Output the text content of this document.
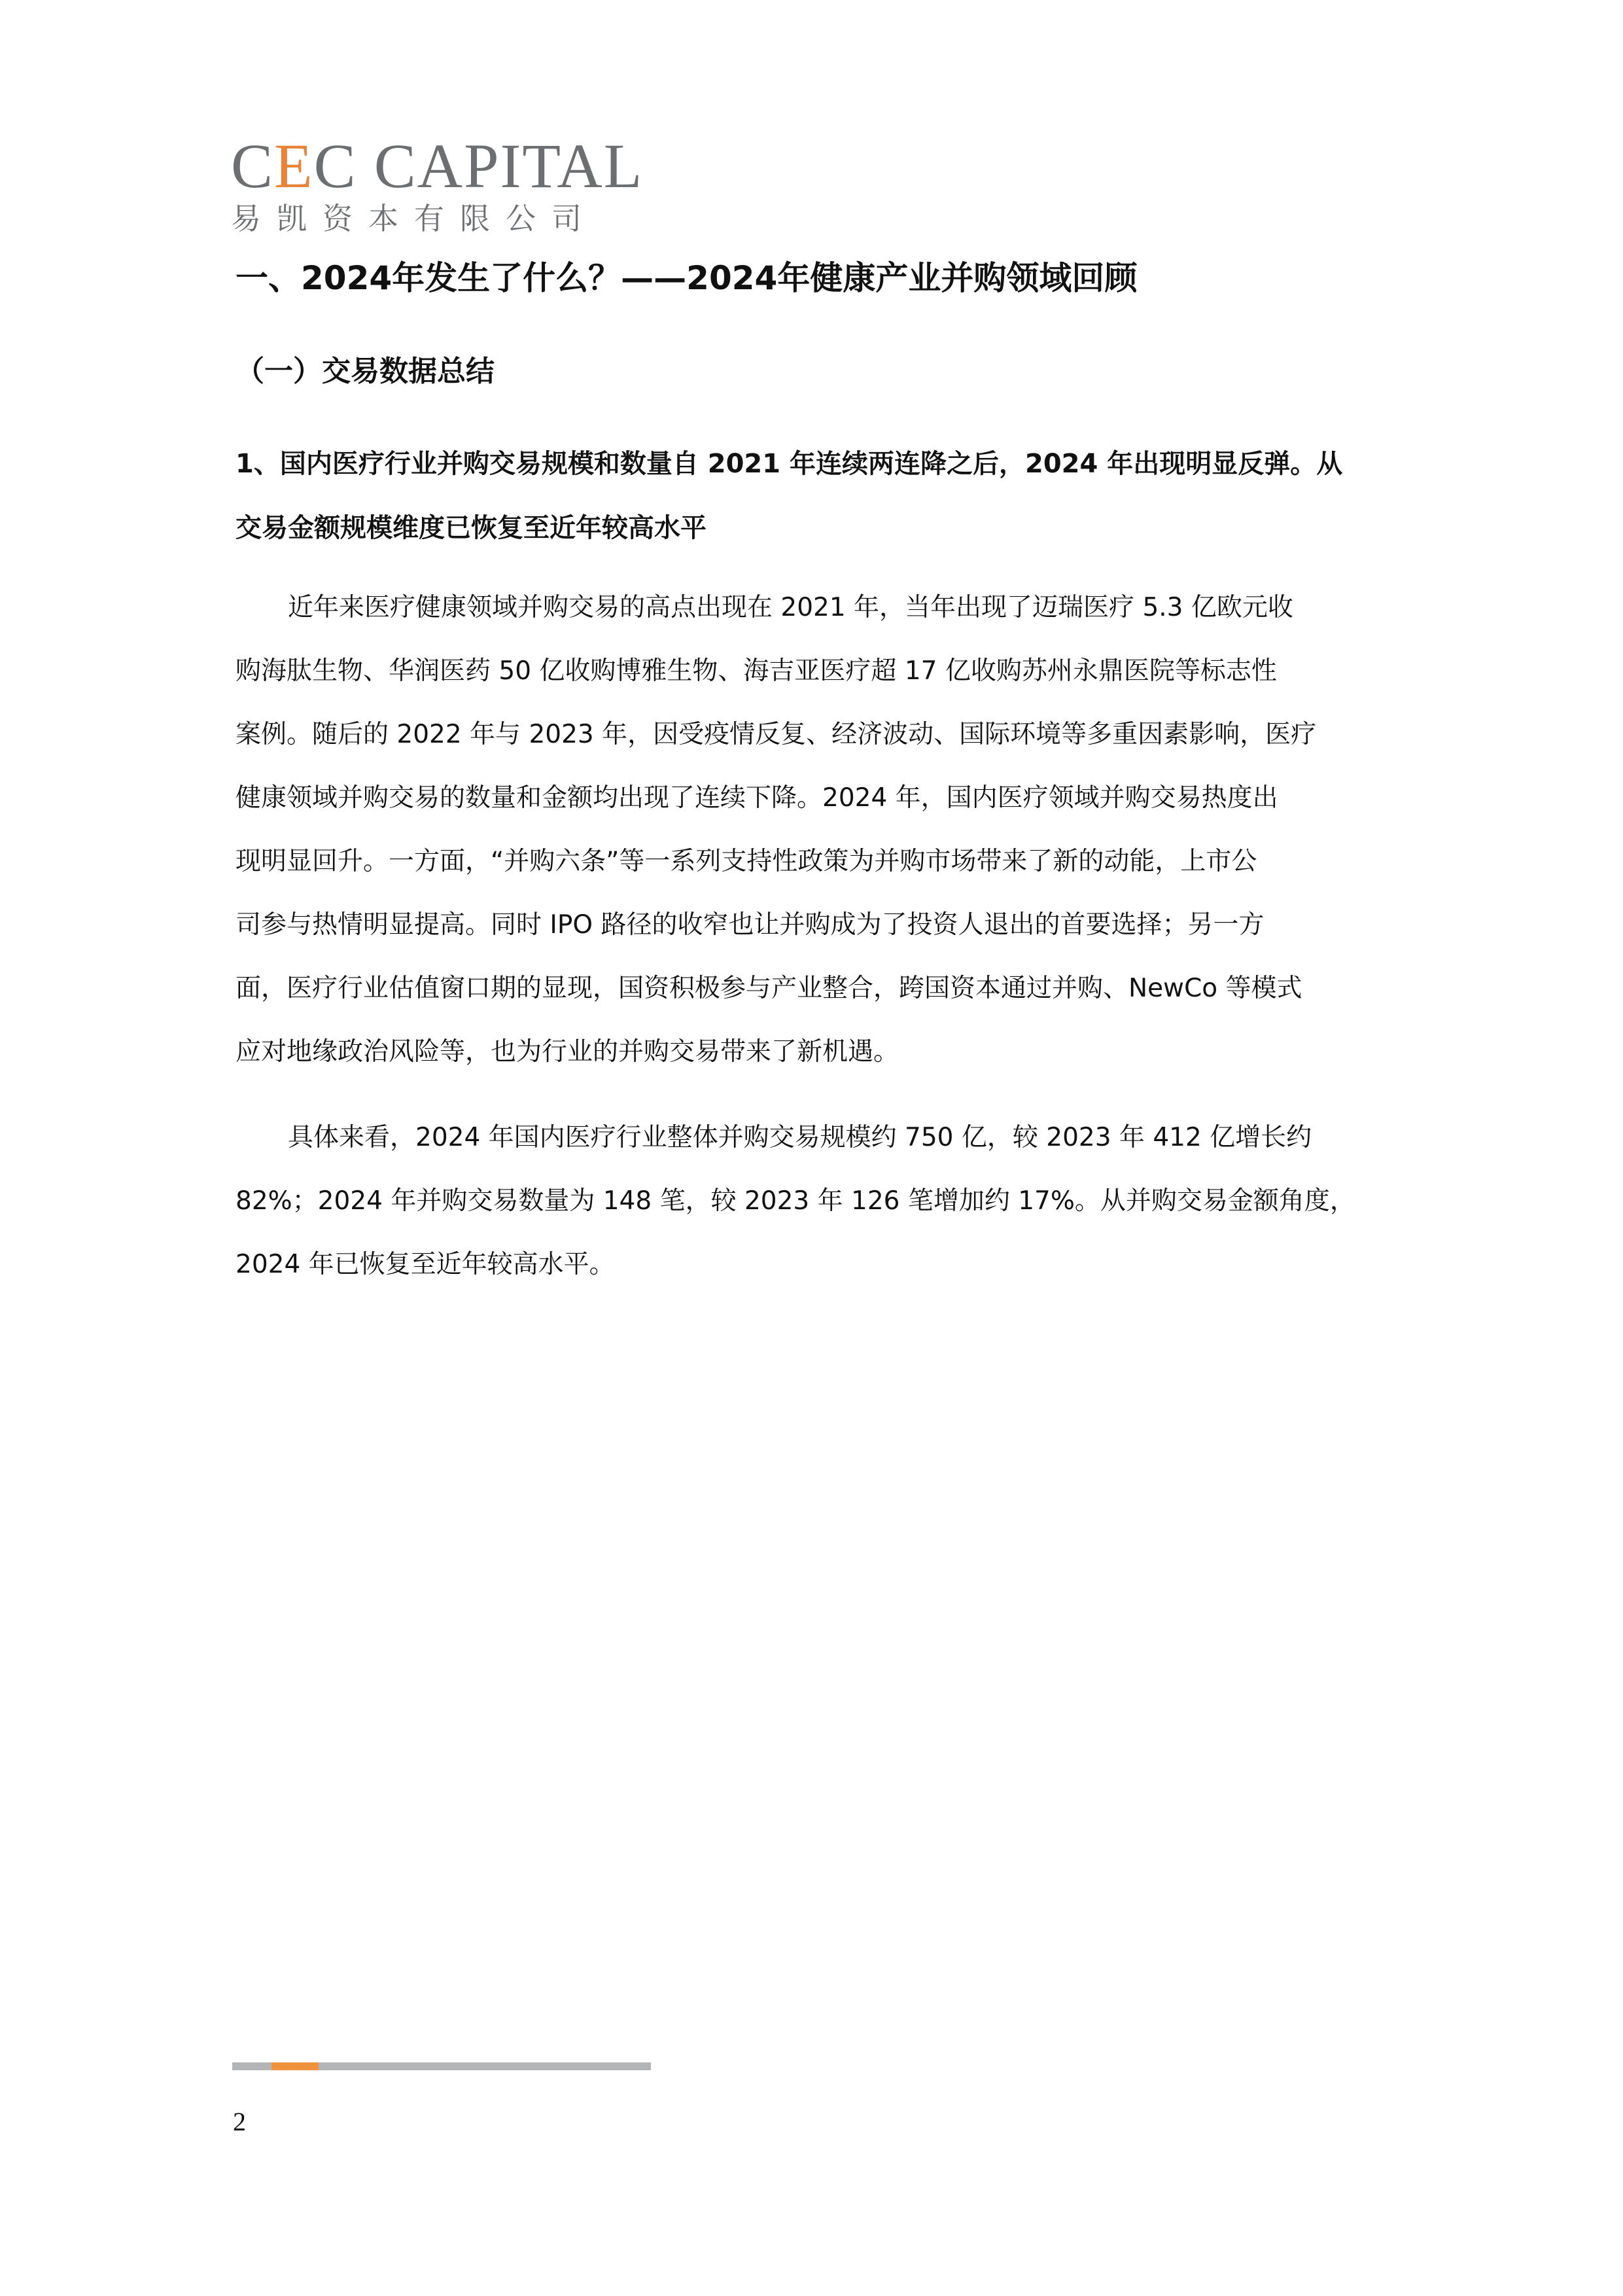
CEC CAPITAL
易凯资本有限公司
一、2024年发生了什么？——2024年健康产业并购领域回顾
（一）交易数据总结
1、国内医疗行业并购交易规模和数量自 2021 年连续两连降之后，2024 年出现明显反弹。从
交易金额规模维度已恢复至近年较高水平
近年来医疗健康领域并购交易的高点出现在 2021 年，当年出现了迈瑞医疗 5.3 亿欧元收
购海肽生物、华润医药 50 亿收购博雅生物、海吉亚医疗超 17 亿收购苏州永鼎医院等标志性
案例。随后的 2022 年与 2023 年，因受疫情反复、经济波动、国际环境等多重因素影响，医疗
健康领域并购交易的数量和金额均出现了连续下降。2024 年，国内医疗领域并购交易热度出
现明显回升。一方面，“并购六条”等一系列支持性政策为并购市场带来了新的动能，上市公
司参与热情明显提高。同时 IPO 路径的收窄也让并购成为了投资人退出的首要选择；另一方
面，医疗行业估值窗口期的显现，国资积极参与产业整合，跨国资本通过并购、NewCo 等模式
应对地缘政治风险等，也为行业的并购交易带来了新机遇。
具体来看，2024 年国内医疗行业整体并购交易规模约 750 亿，较 2023 年 412 亿增长约
82%；2024 年并购交易数量为 148 笔，较 2023 年 126 笔增加约 17%。从并购交易金额角度，
2024 年已恢复至近年较高水平。
2
